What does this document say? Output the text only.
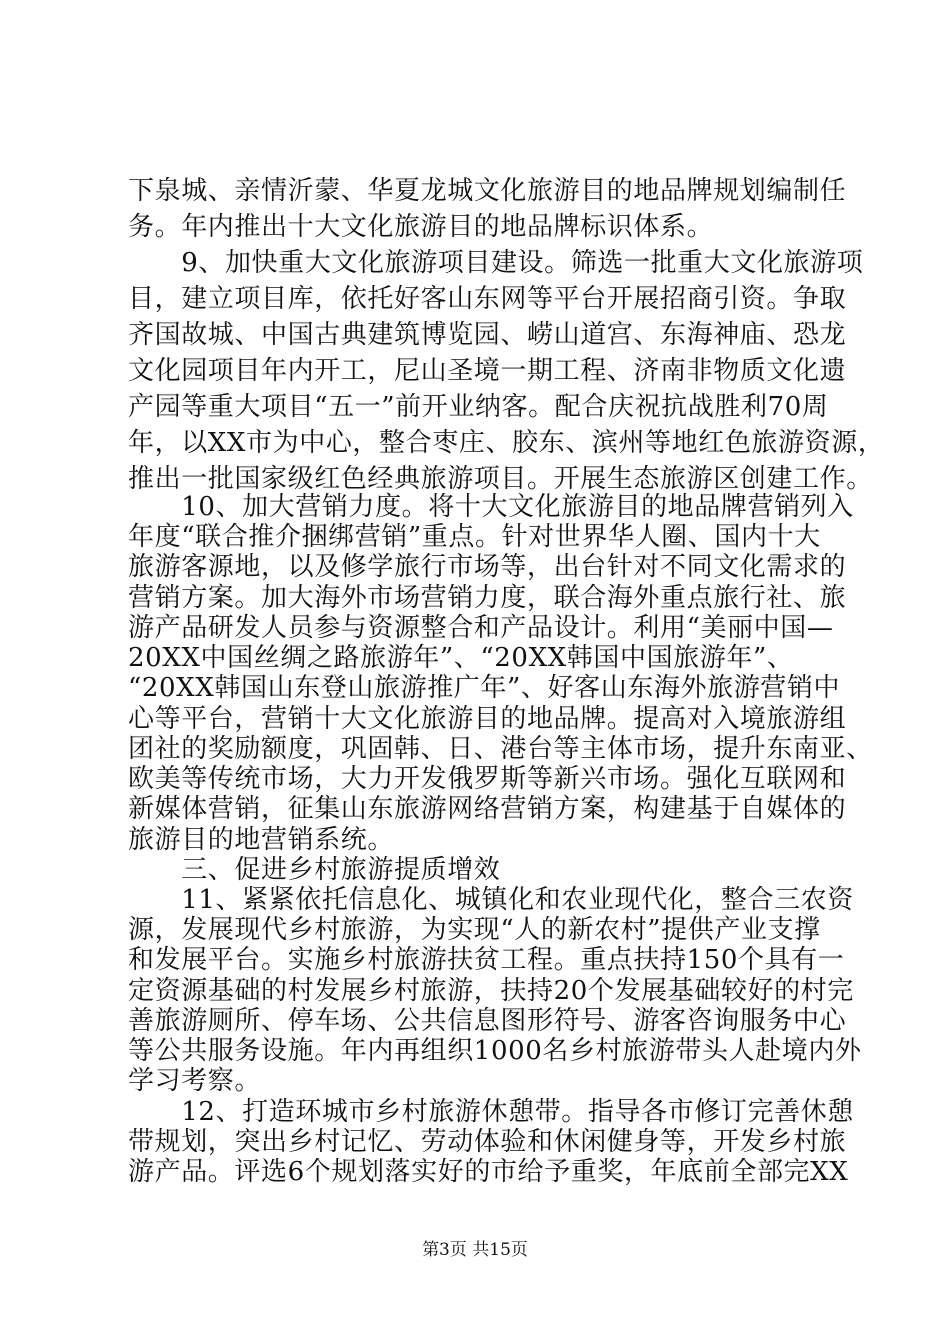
下泉城、亲情沂蒙、华夏龙城文化旅游目的地品牌规划编制任
务。年内推出十大文化旅游目的地品牌标识体系。
　　9、加快重大文化旅游项目建设。筛选一批重大文化旅游项
目，建立项目库，依托好客山东网等平台开展招商引资。争取
齐国故城、中国古典建筑博览园、崂山道宫、东海神庙、恐龙
文化园项目年内开工，尼山圣境一期工程、济南非物质文化遗
产园等重大项目“五一”前开业纳客。配合庆祝抗战胜利70周
年，以XX市为中心，整合枣庄、胶东、滨州等地红色旅游资源，
推出一批国家级红色经典旅游项目。开展生态旅游区创建工作。
　　10、加大营销力度。将十大文化旅游目的地品牌营销列入
年度“联合推介捆绑营销”重点。针对世界华人圈、国内十大
旅游客源地，以及修学旅行市场等，出台针对不同文化需求的
营销方案。加大海外市场营销力度，联合海外重点旅行社、旅
游产品研发人员参与资源整合和产品设计。利用“美丽中国—
20XX中国丝绸之路旅游年”、“20XX韩国中国旅游年”、
“20XX韩国山东登山旅游推广年”、好客山东海外旅游营销中
心等平台，营销十大文化旅游目的地品牌。提高对入境旅游组
团社的奖励额度，巩固韩、日、港台等主体市场，提升东南亚、
欧美等传统市场，大力开发俄罗斯等新兴市场。强化互联网和
新媒体营销，征集山东旅游网络营销方案，构建基于自媒体的
旅游目的地营销系统。
　　三、促进乡村旅游提质增效
　　11、紧紧依托信息化、城镇化和农业现代化，整合三农资
源，发展现代乡村旅游，为实现“人的新农村”提供产业支撑
和发展平台。实施乡村旅游扶贫工程。重点扶持150个具有一
定资源基础的村发展乡村旅游，扶持20个发展基础较好的村完
善旅游厕所、停车场、公共信息图形符号、游客咨询服务中心
等公共服务设施。年内再组织1000名乡村旅游带头人赴境内外
学习考察。
　　12、打造环城市乡村旅游休憩带。指导各市修订完善休憩
带规划，突出乡村记忆、劳动体验和休闲健身等，开发乡村旅
游产品。评选6个规划落实好的市给予重奖，年底前全部完XX
第3页 共15页
